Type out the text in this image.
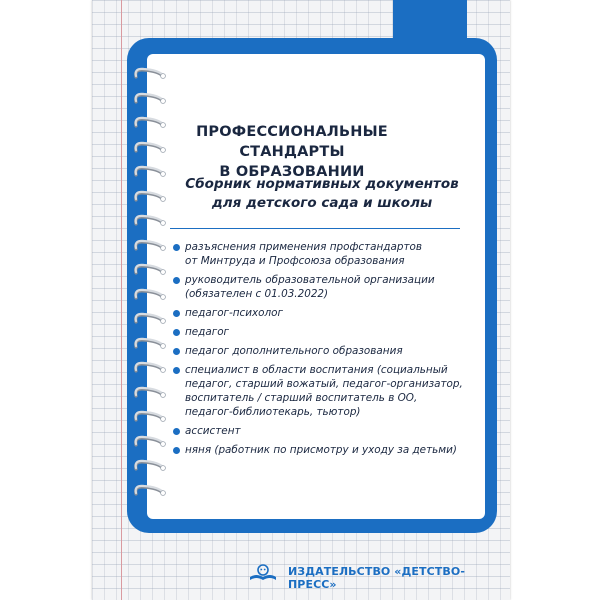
ПРОФЕССИОНАЛЬНЫЕ СТАНДАРТЫ
В ОБРАЗОВАНИИ
Сборник нормативных документов
для детского сада и школы
разъяснения применения профстандартов
от Минтруда и Профсоюза образования
руководитель образовательной организации
(обязателен с 01.03.2022)
педагог-психолог
педагог
педагог дополнительного образования
специалист в области воспитания (социальный
педагог, старший вожатый, педагог-организатор,
воспитатель / старший воспитатель в ОО,
педагог-библиотекарь, тьютор)
ассистент
няня (работник по присмотру и уходу за детьми)
ИЗДАТЕЛЬСТВО «ДЕТСТВО-ПРЕСС»
